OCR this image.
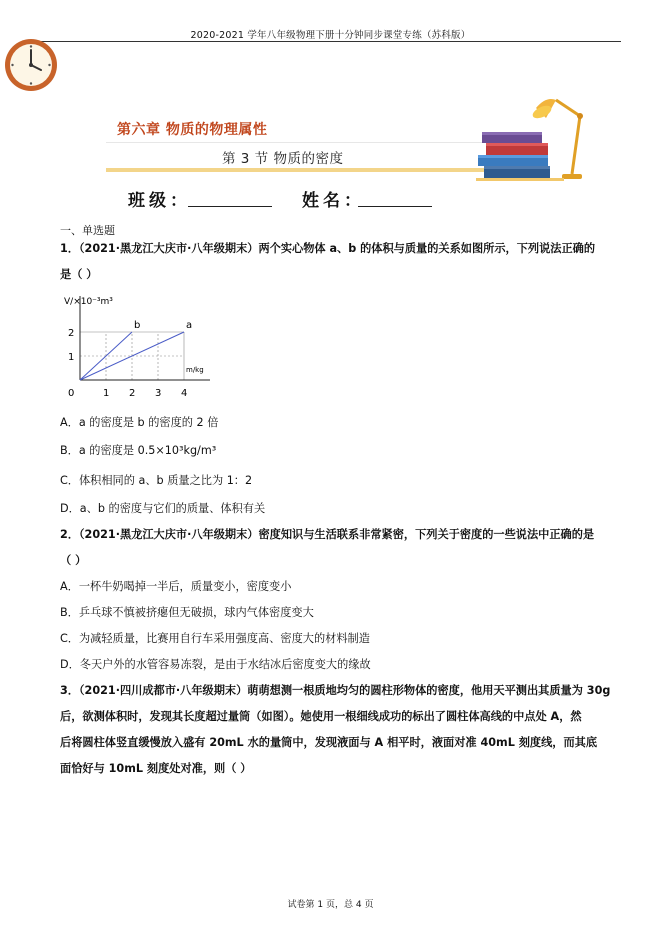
2020-2021 学年八年级物理下册十分钟同步课堂专练（苏科版）
第六章 物质的物理属性
第 3 节 物质的密度
班级：	姓名：
一、单选题
1．（2021·黑龙江大庆市·八年级期末）两个实心物体 a、b 的体积与质量的关系如图所示，下列说法正确的
是（ ）
V/×10⁻³m³
m/kg
0	1 2 3 4
1
2
a
b
A．a 的密度是 b 的密度的 2 倍
B．a 的密度是 0.5×10³kg/m³
C．体积相同的 a、b 质量之比为 1：2
D．a、b 的密度与它们的质量、体积有关
2．（2021·黑龙江大庆市·八年级期末）密度知识与生活联系非常紧密，下列关于密度的一些说法中正确的是
（ ）
A．一杯牛奶喝掉一半后，质量变小，密度变小
B．乒乓球不慎被挤瘪但无破损，球内气体密度变大
C．为减轻质量，比赛用自行车采用强度高、密度大的材料制造
D．冬天户外的水管容易冻裂，是由于水结冰后密度变大的缘故
3．（2021·四川成都市·八年级期末）萌萌想测一根质地均匀的圆柱形物体的密度，他用天平测出其质量为 30g
后，欲测体积时，发现其长度超过量筒（如图）。她使用一根细线成功的标出了圆柱体高线的中点处 A，然
后将圆柱体竖直缓慢放入盛有 20mL 水的量筒中，发现液面与 A 相平时，液面对准 40mL 刻度线，而其底
面恰好与 10mL 刻度处对准，则（ ）
试卷第 1 页，总 4 页
